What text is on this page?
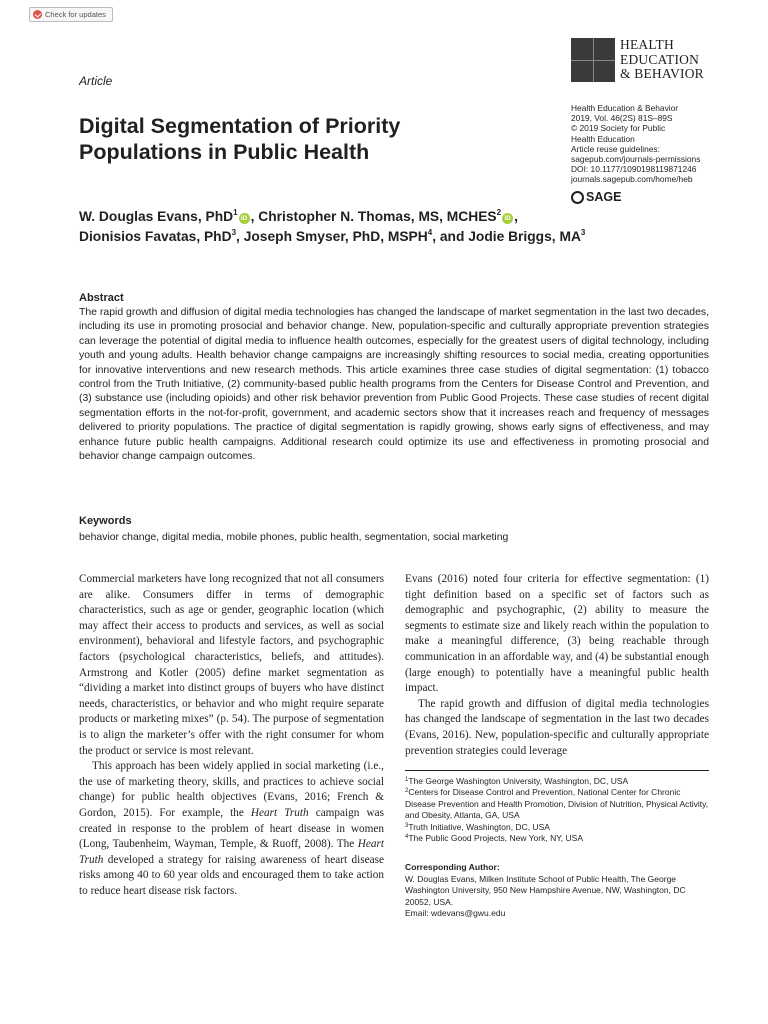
Check for updates
Article
HEALTH
EDUCATION
& BEHAVIOR
Health Education & Behavior
2019, Vol. 46(2S) 81S–89S
© 2019 Society for Public
Health Education
Article reuse guidelines:
sagepub.com/journals-permissions
DOI: 10.1177/1090198119871246
journals.sagepub.com/home/heb
SAGE
Digital Segmentation of Priority Populations in Public Health
W. Douglas Evans, PhD$^1$iD , Christopher N. Thomas, MS, MCHES$^2$iD ,
Dionisios Favatas, PhD$^3$, Joseph Smyser, PhD, MSPH$^4$, and Jodie Briggs, $MA^3$
Abstract
The rapid growth and diffusion of digital media technologies has changed the landscape of market segmentation in the last two decades, including its use in promoting prosocial and behavior change. New, population-specific and culturally appropriate prevention strategies can leverage the potential of digital media to influence health outcomes, especially for the greatest users of digital technology, including youth and young adults. Health behavior change campaigns are increasingly shifting resources to social media, creating opportunities for innovative interventions and new research methods. This article examines three case studies of digital segmentation: (1) tobacco control from the Truth Initiative, (2) community-based public health programs from the Centers for Disease Control and Prevention, and (3) substance use (including opioids) and other risk behavior prevention from Public Good Projects. These case studies of recent digital segmentation efforts in the not-for-profit, government, and academic sectors show that it increases reach and frequency of messages delivered to priority populations. The practice of digital segmentation is rapidly growing, shows early signs of effectiveness, and may enhance future public health campaigns. Additional research could optimize its use and effectiveness in promoting prosocial and behavior change campaign outcomes.
Keywords
behavior change, digital media, mobile phones, public health, segmentation, social marketing

Commercial marketers have long recognized that not all consumers are alike. Consumers differ in terms of demographic characteristics, such as age or gender, geographic location (which may affect their access to products and services, as well as social environment), behavioral and lifestyle factors, and psychographic factors (psychological characteristics, beliefs, and attitudes). Armstrong and Kotler (2005) define market segmentation as “dividing a market into distinct groups of buyers who have distinct needs, characteristics, or behavior and who might require separate products or marketing mixes” (p. 54). The purpose of segmentation is to align the marketer’s offer with the right consumer for whom the product or service is most relevant.

This approach has been widely applied in social marketing (i.e., the use of marketing theory, skills, and practices to achieve social change) for public health objectives (Evans, 2016; French & Gordon, 2015). For example, the Heart Truth campaign was created in response to the problem of heart disease in women (Long, Taubenheim, Wayman, Temple, & Ruoff, 2008). The Heart Truth developed a strategy for raising awareness of heart disease risks among 40 to 60 year olds and encouraged them to take action to reduce heart disease risk factors.

Evans (2016) noted four criteria for effective segmentation: (1) tight definition based on a specific set of factors such as demographic and psychographic, (2) ability to measure the segments to estimate size and likely reach within the population to make a meaningful difference, (3) being reachable through communication in an affordable way, and (4) be substantial enough (large enough) to potentially have a meaningful public health impact.

The rapid growth and diffusion of digital media technologies has changed the landscape of segmentation in the last two decades (Evans, 2016). New, population-specific and culturally appropriate prevention strategies could leverage

$^1$The George Washington University, Washington, DC, USA
$^2$Centers for Disease Control and Prevention, National Center for Chronic Disease Prevention and Health Promotion, Division of Nutrition, Physical Activity, and Obesity, Atlanta, GA, USA
$^3$Truth Initiative, Washington, DC, USA
$^4$The Public Good Projects, New York, NY, USA
Corresponding Author:
W. Douglas Evans, Milken Institute School of Public Health, The George Washington University, 950 New Hampshire Avenue, NW, Washington, DC 20052, USA.
Email: wdevans@gwu.edu
